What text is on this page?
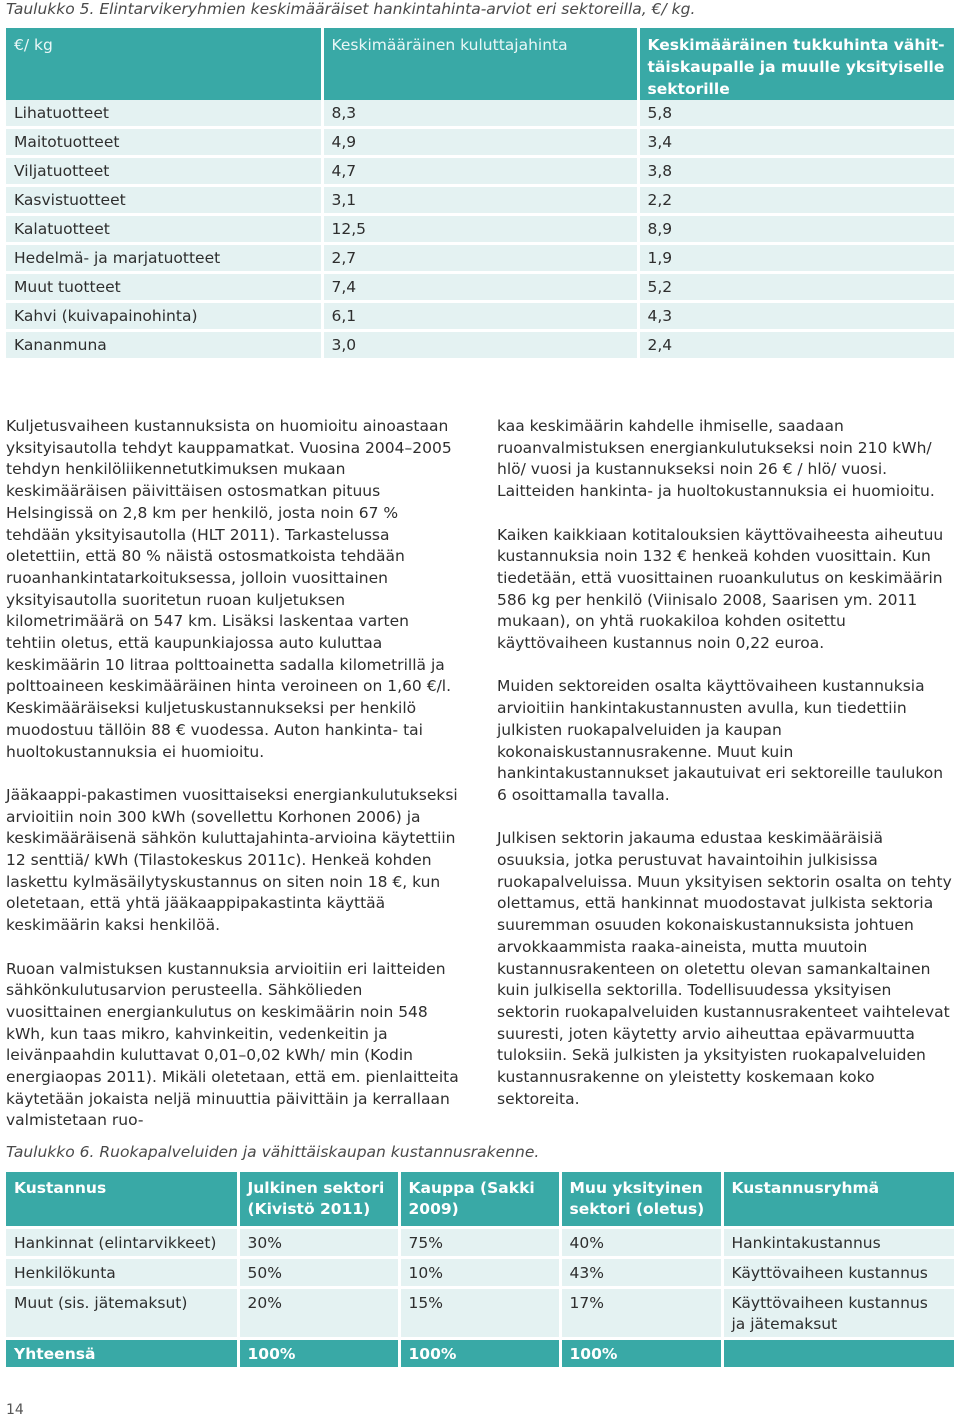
Taulukko 5. Elintarvikeryhmien keskimääräiset hankintahinta-arviot eri sektoreilla, €/ kg.
€/ kg	Keskimääräinen kuluttajahinta	Keskimääräinen tukkuhinta vähit-
täiskaupalle ja muulle yksityiselle
sektorille

Lihatuotteet	8,3	5,8
Maitotuotteet	4,9	3,4
Viljatuotteet	4,7	3,8
Kasvistuotteet	3,1	2,2
Kalatuotteet	12,5	8,9
Hedelmä- ja marjatuotteet	2,7	1,9
Muut tuotteet	7,4	5,2
Kahvi (kuivapainohinta)	6,1	4,3
Kananmuna	3,0	2,4

Kuljetusvaiheen kustannuksista on huomioitu ainoastaan yksityisautolla tehdyt kauppamatkat. Vuosina 2004–2005 tehdyn henkilöliikennetutkimuksen mukaan keskimääräisen päivittäisen ostosmatkan pituus Helsingissä on 2,8 km per henkilö, josta noin 67 % tehdään yksityisautolla (HLT 2011). Tarkastelussa oletettiin, että 80 % näistä ostosmatkoista tehdään ruoanhankintatarkoituksessa, jolloin vuosittainen yksityisautolla suoritetun ruoan kuljetuksen kilometrimäärä on 547 km. Lisäksi laskentaa varten tehtiin oletus, että kaupunkiajossa auto kuluttaa keskimäärin 10 litraa polttoainetta sadalla kilometrillä ja polttoaineen keskimääräinen hinta veroineen on 1,60 €/l. Keskimääräiseksi kuljetuskustannukseksi per henkilö muodostuu tällöin 88 € vuodessa. Auton hankinta- tai huoltokustannuksia ei huomioitu.

Jääkaappi-pakastimen vuosittaiseksi energiankulutukseksi arvioitiin noin 300 kWh (sovellettu Korhonen 2006) ja keskimääräisenä sähkön kuluttajahinta-arvioina käytettiin 12 senttiä/ kWh (Tilastokeskus 2011c). Henkeä kohden laskettu kylmäsäilytyskustannus on siten noin 18 €, kun oletetaan, että yhtä jääkaappipakastinta käyttää keskimäärin kaksi henkilöä.

Ruoan valmistuksen kustannuksia arvioitiin eri laitteiden sähkönkulutusarvion perusteella. Sähkölieden vuosittainen energiankulutus on keskimäärin noin 548 kWh, kun taas mikro, kahvinkeitin, vedenkeitin ja leivänpaahdin kuluttavat 0,01–0,02 kWh/ min (Kodin energiaopas 2011). Mikäli oletetaan, että em. pienlaitteita käytetään jokaista neljä minuuttia päivittäin ja kerrallaan valmistetaan ruo-

kaa keskimäärin kahdelle ihmiselle, saadaan ruoanvalmistuksen energiankulutukseksi noin 210 kWh/ hlö/ vuosi ja kustannukseksi noin 26 € / hlö/ vuosi. Laitteiden hankinta- ja huoltokustannuksia ei huomioitu.

Kaiken kaikkiaan kotitalouksien käyttövaiheesta aiheutuu kustannuksia noin 132 € henkeä kohden vuosittain. Kun tiedetään, että vuosittainen ruoankulutus on keskimäärin 586 kg per henkilö (Viinisalo 2008, Saarisen ym. 2011 mukaan), on yhtä ruokakiloa kohden ositettu käyttövaiheen kustannus noin 0,22 euroa.

Muiden sektoreiden osalta käyttövaiheen kustannuksia arvioitiin hankintakustannusten avulla, kun tiedettiin julkisten ruokapalveluiden ja kaupan kokonaiskustannusrakenne. Muut kuin hankintakustannukset jakautuivat eri sektoreille taulukon 6 osoittamalla tavalla.

Julkisen sektorin jakauma edustaa keskimääräisiä osuuksia, jotka perustuvat havaintoihin julkisissa ruokapalveluissa. Muun yksityisen sektorin osalta on tehty olettamus, että hankinnat muodostavat julkista sektoria suuremman osuuden kokonaiskustannuksista johtuen arvokkaammista raaka-aineista, mutta muutoin kustannusrakenteen on oletettu olevan samankaltainen kuin julkisella sektorilla. Todellisuudessa yksityisen sektorin ruokapalveluiden kustannusrakenteet vaihtelevat suuresti, joten käytetty arvio aiheuttaa epävarmuutta tuloksiin. Sekä julkisten ja yksityisten ruokapalveluiden kustannusrakenne on yleistetty koskemaan koko sektoreita.

Taulukko 6. Ruokapalveluiden ja vähittäiskaupan kustannusrakenne.
Kustannus	Julkinen sektori (Kivistö 2011)	Kauppa (Sakki 2009)	Muu yksityinen sektori (oletus)	Kustannusryhmä
Hankinnat (elintarvikkeet)	30%	75%	40%	Hankintakustannus
Henkilökunta	50%	10%	43%	Käyttövaiheen kustannus
Muut (sis. jätemaksut)	20%	15%	17%	Käyttövaiheen kustannus ja jätemaksut
Yhteensä	100%	100%	100%	
14
